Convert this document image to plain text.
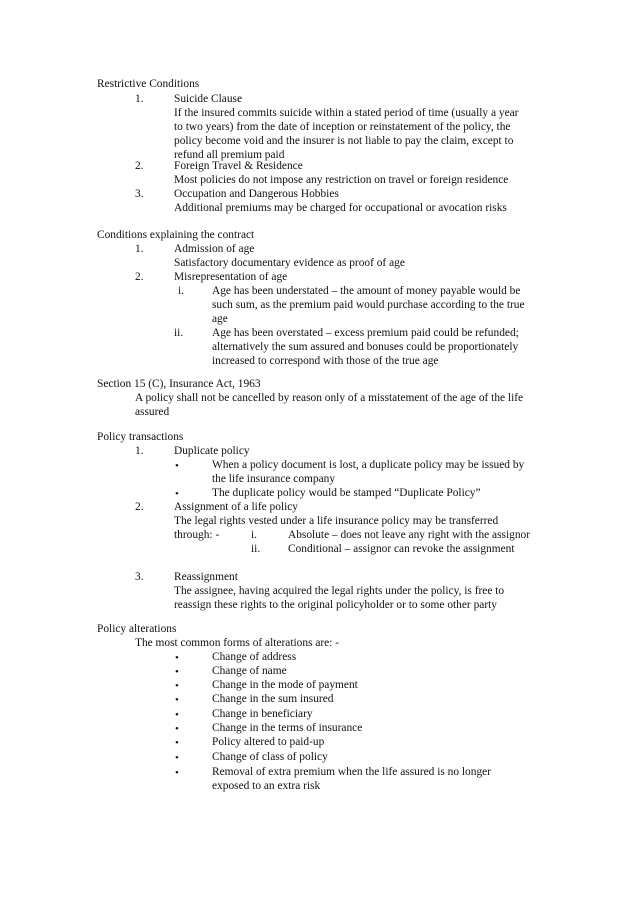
Restrictive Conditions
1.	Suicide Clause
If the insured commits suicide within a stated period of time (usually a year
to two years) from the date of inception or reinstatement of the policy, the
policy become void and the insurer is not liable to pay the claim, except to
refund all premium paid
2.	Foreign Travel & Residence
Most policies do not impose any restriction on travel or foreign residence
3.	Occupation and Dangerous Hobbies
Additional premiums may be charged for occupational or avocation risks
Conditions explaining the contract
1.	Admission of age
Satisfactory documentary evidence as proof of age
2.	Misrepresentation of age
i. Age has been understated – the amount of money payable would be
such sum, as the premium paid would purchase according to the true
age
ii.	Age has been overstated – excess premium paid could be refunded;
alternatively the sum assured and bonuses could be proportionately
increased to correspond with those of the true age
Section 15 (C), Insurance Act, 1963
A policy shall not be cancelled by reason only of a misstatement of the age of the life
assured
Policy transactions
1.	Duplicate policy
•	When a policy document is lost, a duplicate policy may be issued by
the life insurance company
•	The duplicate policy would be stamped “Duplicate Policy”
2.	Assignment of a life policy
The legal rights vested under a life insurance policy may be transferred
through: -	i.	Absolute – does not leave any right with the assignor
ii. Conditional – assignor can revoke the assignment
3.	Reassignment
The assignee, having acquired the legal rights under the policy, is free to
reassign these rights to the original policyholder or to some other party
Policy alterations
The most common forms of alterations are: -
•	Change of address
•	Change of name
•	Change in the mode of payment
•	Change in the sum insured
•	Change in beneficiary
•	Change in the terms of insurance
•	Policy altered to paid-up
•	Change of class of policy
•	Removal of extra premium when the life assured is no longer
exposed to an extra risk
